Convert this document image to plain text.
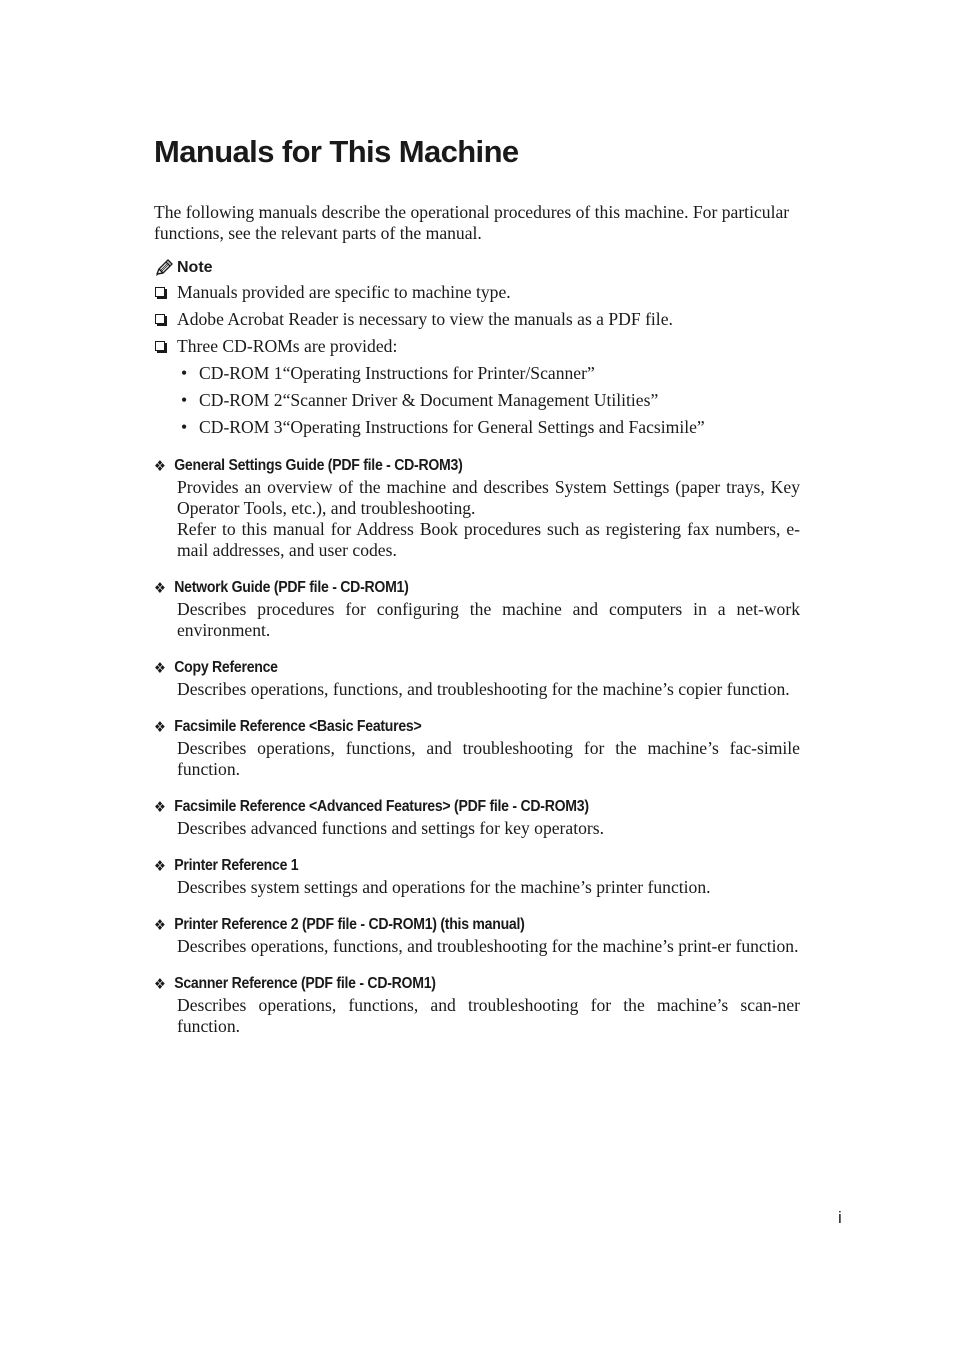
Manuals for This Machine

The following manuals describe the operational procedures of this machine. For particular functions, see the relevant parts of the manual.

Note
Manuals provided are specific to machine type.
Adobe Acrobat Reader is necessary to view the manuals as a PDF file.
Three CD-ROMs are provided:
• CD-ROM 1“Operating Instructions for Printer/Scanner”
• CD-ROM 2“Scanner Driver & Document Management Utilities”
• CD-ROM 3“Operating Instructions for General Settings and Facsimile”
❖ General Settings Guide (PDF file - CD-ROM3)

Provides an overview of the machine and describes System Settings (paper trays, Key Operator Tools, etc.), and troubleshooting.

Refer to this manual for Address Book procedures such as registering fax numbers, e-mail addresses, and user codes.

❖ Network Guide (PDF file - CD-ROM1)

Describes procedures for configuring the machine and computers in a net-work environment.

❖ Copy Reference

Describes operations, functions, and troubleshooting for the machine’s copier function.

❖ Facsimile Reference <Basic Features>

Describes operations, functions, and troubleshooting for the machine’s fac-simile function.

❖ Facsimile Reference <Advanced Features> (PDF file - CD-ROM3)

Describes advanced functions and settings for key operators.

❖ Printer Reference 1

Describes system settings and operations for the machine’s printer function.

❖ Printer Reference 2 (PDF file - CD-ROM1) (this manual)

Describes operations, functions, and troubleshooting for the machine’s print-er function.

❖ Scanner Reference (PDF file - CD-ROM1)

Describes operations, functions, and troubleshooting for the machine’s scan-ner function.

i
